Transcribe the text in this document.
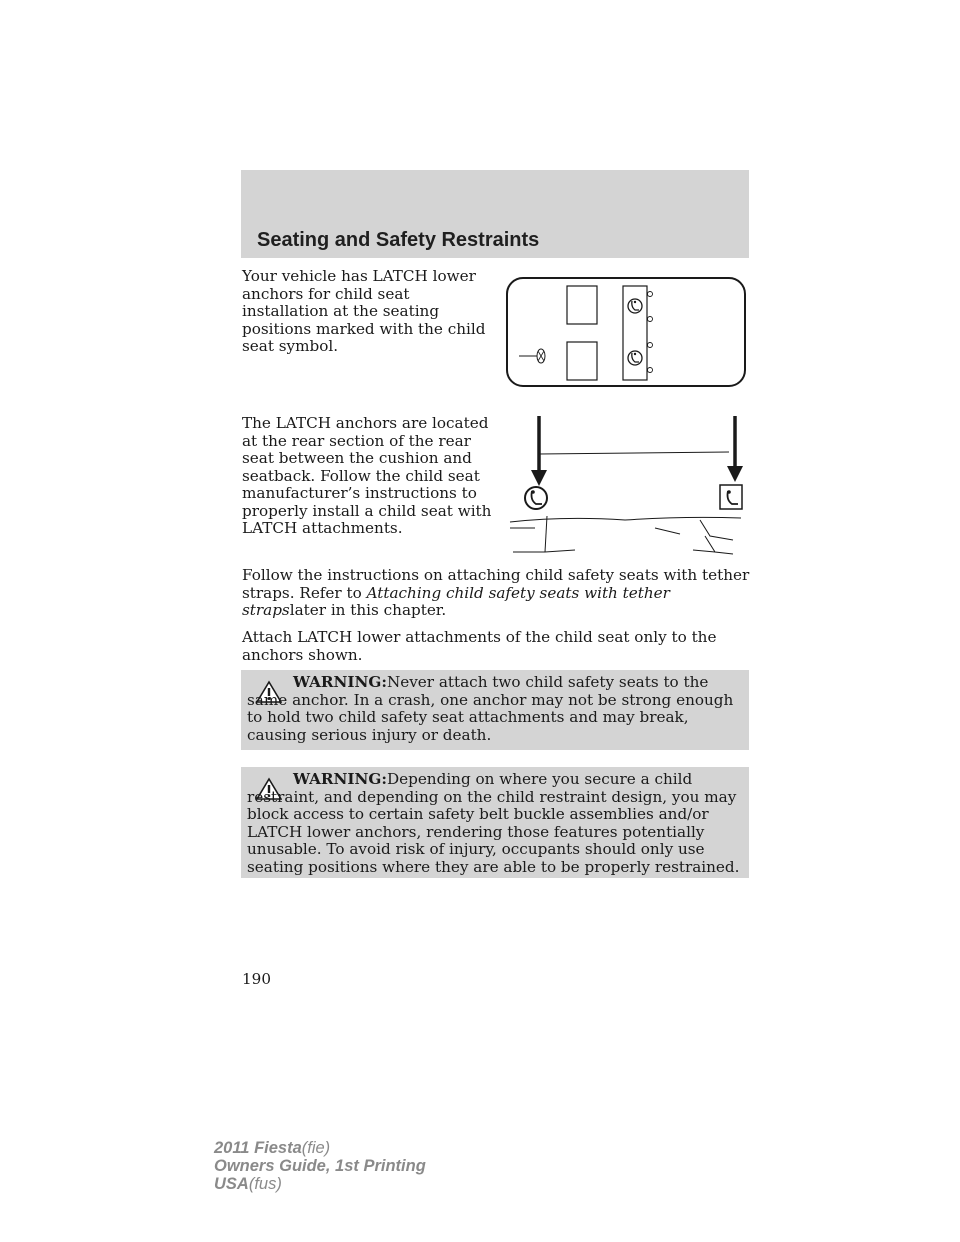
Seating and Safety Restraints

Your vehicle has LATCH lower anchors for child seat installation at the seating positions marked with the child seat symbol.

The LATCH anchors are located at the rear section of the rear seat between the cushion and seatback. Follow the child seat manufacturer’s instructions to properly install a child seat with LATCH attachments.

Follow the instructions on attaching child safety seats with tether straps. Refer to Attaching child safety seats with tether strapslater in this chapter.

Attach LATCH lower attachments of the child seat only to the anchors shown.

WARNING:Never attach two child safety seats to the same anchor. In a crash, one anchor may not be strong enough to hold two child safety seat attachments and may break, causing serious injury or death.

WARNING:Depending on where you secure a child restraint, and depending on the child restraint design, you may block access to certain safety belt buckle assemblies and/or LATCH lower anchors, rendering those features potentially unusable. To avoid risk of injury, occupants should only use seating positions where they are able to be properly restrained.

190
2011 Fiesta(fie)
Owners Guide, 1st Printing
USA(fus)
